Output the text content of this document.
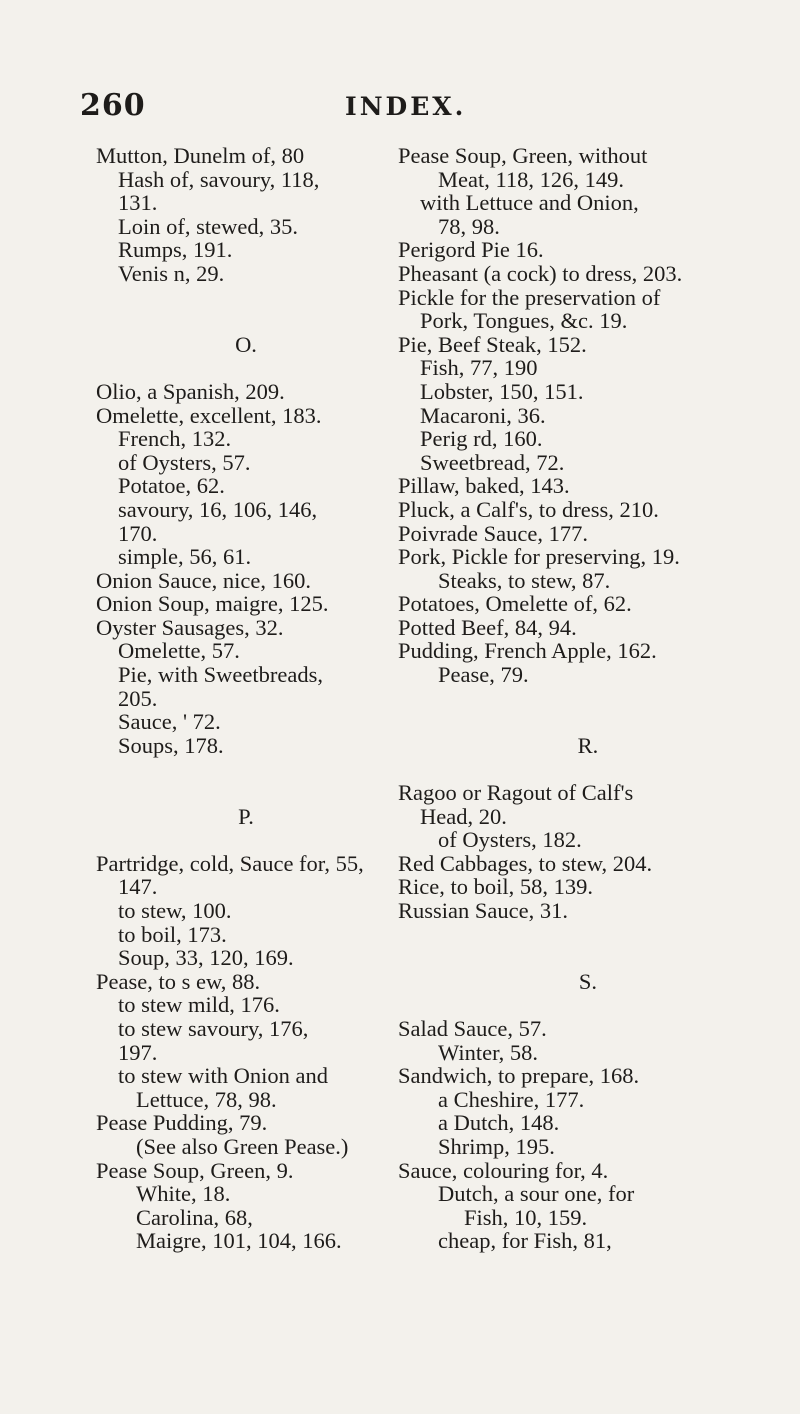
260	INDEX.
Mutton, Dunelm of, 80
Hash of, savoury, 118,
131.
Loin of, stewed, 35.
Rumps, 191.
Venis n, 29.
O.
Olio, a Spanish, 209.
Omelette, excellent, 183.
French, 132.
of Oysters, 57.
Potatoe, 62.
savoury, 16, 106, 146,
170.
simple, 56, 61.
Onion Sauce, nice, 160.
Onion Soup, maigre, 125.
Oyster Sausages, 32.
Omelette, 57.
Pie, with Sweetbreads,
205.
Sauce, ' 72.
Soups, 178.
P.
Partridge, cold, Sauce for, 55,
147.
to stew, 100.
to boil, 173.
Soup, 33, 120, 169.
Pease, to s ew, 88.
to stew mild, 176.
to stew savoury, 176,
197.
to stew with Onion and
Lettuce, 78, 98.
Pease Pudding, 79.
(See also Green Pease.)
Pease Soup, Green, 9.
White, 18.
Carolina, 68,
Maigre, 101, 104, 166.
Pease Soup, Green, without
Meat, 118, 126, 149.
with Lettuce and Onion,
78, 98.
Perigord Pie 16.
Pheasant (a cock) to dress, 203.
Pickle for the preservation of
Pork, Tongues, &c. 19.
Pie, Beef Steak, 152.
Fish, 77, 190
Lobster, 150, 151.
Macaroni, 36.
Perig rd, 160.
Sweetbread, 72.
Pillaw, baked, 143.
Pluck, a Calf's, to dress, 210.
Poivrade Sauce, 177.
Pork, Pickle for preserving, 19.
Steaks, to stew, 87.
Potatoes, Omelette of, 62.
Potted Beef, 84, 94.
Pudding, French Apple, 162.
Pease, 79.
R.
Ragoo or Ragout of Calf's
Head, 20.
of Oysters, 182.
Red Cabbages, to stew, 204.
Rice, to boil, 58, 139.
Russian Sauce, 31.
S.
Salad Sauce, 57.
Winter, 58.
Sandwich, to prepare, 168.
a Cheshire, 177.
a Dutch, 148.
Shrimp, 195.
Sauce, colouring for, 4.
Dutch, a sour one, for
Fish, 10, 159.
cheap, for Fish, 81,
